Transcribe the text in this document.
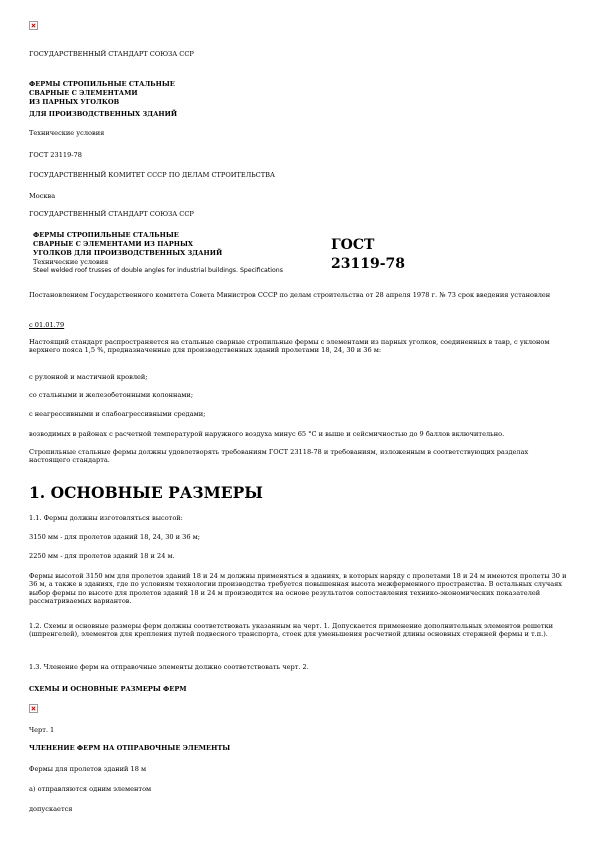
ГОСУДАРСТВЕННЫЙ СТАНДАРТ СОЮЗА ССР
ФЕРМЫ СТРОПИЛЬНЫЕ СТАЛЬНЫЕ
СВАРНЫЕ С ЭЛЕМЕНТАМИ
ИЗ ПАРНЫХ УГОЛКОВ
ДЛЯ ПРОИЗВОДСТВЕННЫХ ЗДАНИЙ
Технические условия
ГОСТ 23119-78
ГОСУДАРСТВЕННЫЙ КОМИТЕТ СССР ПО ДЕЛАМ СТРОИТЕЛЬСТВА
Москва
ГОСУДАРСТВЕННЫЙ СТАНДАРТ СОЮЗА ССР
ФЕРМЫ СТРОПИЛЬНЫЕ СТАЛЬНЫЕ
СВАРНЫЕ С ЭЛЕМЕНТАМИ ИЗ ПАРНЫХ
УГОЛКОВ ДЛЯ ПРОИЗВОДСТВЕННЫХ ЗДАНИЙ
Технические условия
Steel welded roof trusses of double angles for industrial buildings. Specifications
ГОСТ
23119-78
Постановлением Государственного комитета Совета Министров СССР по делам строительства от 28 апреля 1978 г. № 73 срок введения установлен
с 01.01.79
Настоящий стандарт распространяется на стальные сварные стропильные фермы с элементами из парных уголков, соединенных в тавр, с уклоном верхнего пояса 1,5 %, предназначенные для производственных зданий пролетами 18, 24, 30 и 36 м:
с рулонной и мастичной кровлей;
со стальными и железобетонными колоннами;
с неагрессивными и слабоагрессивными средами;
возводимых в районах с расчетной температурой наружного воздуха минус 65 °С и выше и сейсмичностью до 9 баллов включительно.
Стропильные стальные фермы должны удовлетворять требованиям ГОСТ 23118-78 и требованиям, изложенным в соответствующих разделах настоящего стандарта.
1. ОСНОВНЫЕ РАЗМЕРЫ
1.1. Фермы должны изготовляться высотой:
3150 мм - для пролетов зданий 18, 24, 30 и 36 м;
2250 мм - для пролетов зданий 18 и 24 м.
Фермы высотой 3150 мм для пролетов зданий 18 и 24 м должны применяться в зданиях, в которых наряду с пролетами 18 и 24 м имеются пролеты 30 и 36 м, а также в зданиях, где по условиям технологии производства требуется повышенная высота межферменного пространства. В остальных случаях выбор фермы по высоте для пролетов зданий 18 и 24 м производится на основе результатов сопоставления технико-экономических показателей рассматриваемых вариантов.
1.2. Схемы и основные размеры ферм должны соответствовать указанным на черт. 1. Допускается применение дополнительных элементов решетки (шпренгелей), элементов для крепления путей подвесного транспорта, стоек для уменьшения расчетной длины основных стержней фермы и т.п.).
1.3. Членение ферм на отправочные элементы должно соответствовать черт. 2.
СХЕМЫ И ОСНОВНЫЕ РАЗМЕРЫ ФЕРМ
Черт. 1
ЧЛЕНЕНИЕ ФЕРМ НА ОТПРАВОЧНЫЕ ЭЛЕМЕНТЫ
Фермы для пролетов зданий 18 м
а) отправляются одним элементом
допускается
